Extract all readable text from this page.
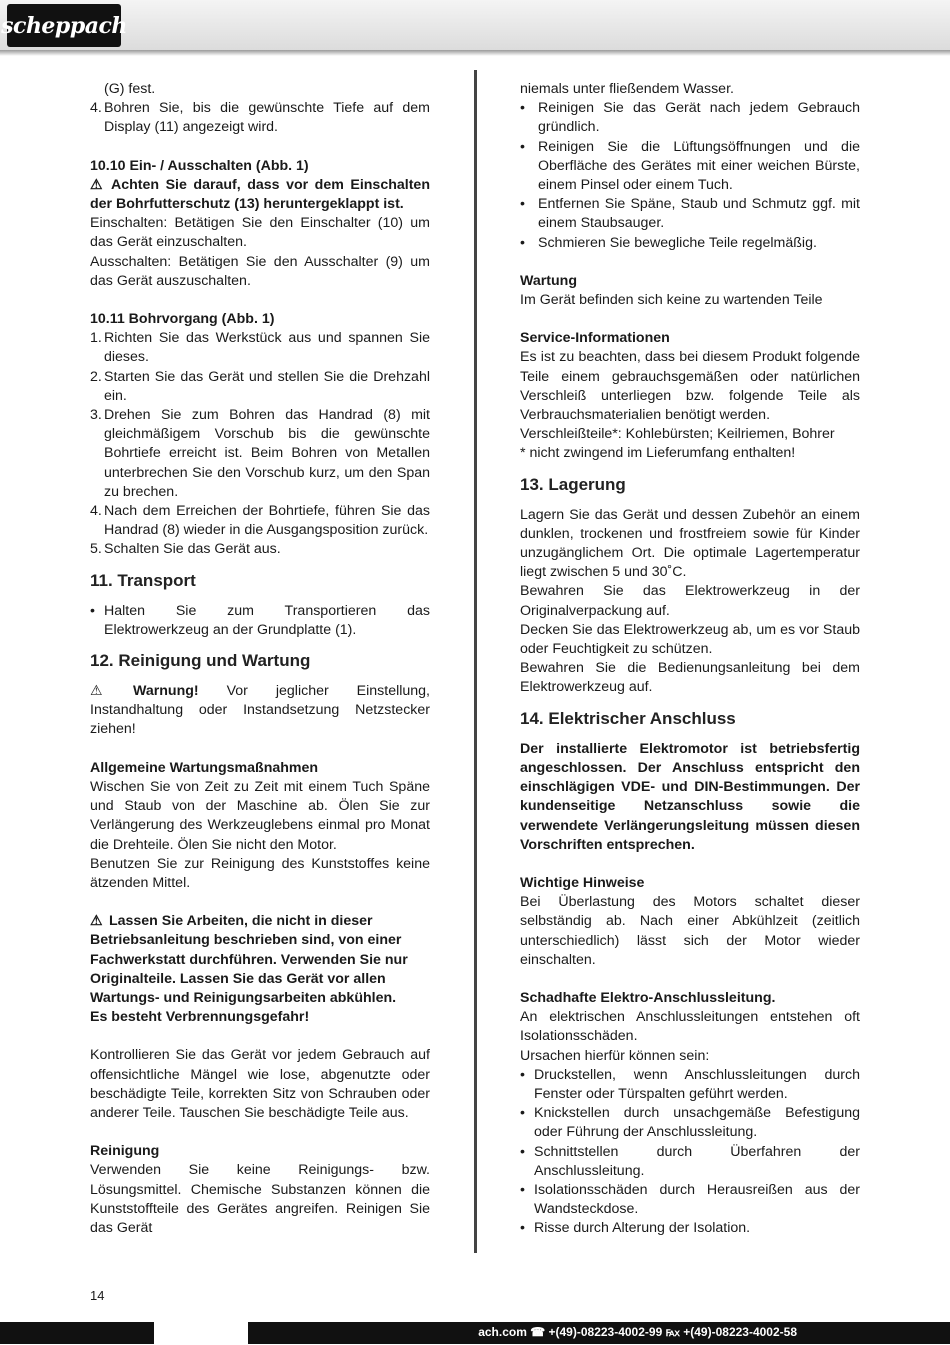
scheppach

(G) fest.

4. Bohren Sie, bis die gewünschte Tiefe auf dem Display (11) angezeigt wird.

10.10 Ein- / Ausschalten (Abb. 1)

⚠ Achten Sie darauf, dass vor dem Einschalten der Bohrfutterschutz (13) heruntergeklappt ist.

Einschalten: Betätigen Sie den Einschalter (10) um das Gerät einzuschalten.

Ausschalten: Betätigen Sie den Ausschalter (9) um das Gerät auszuschalten.

10.11 Bohrvorgang (Abb. 1)

1. Richten Sie das Werkstück aus und spannen Sie dieses.
2. Starten Sie das Gerät und stellen Sie die Drehzahl ein.
3. Drehen Sie zum Bohren das Handrad (8) mit gleichmäßigem Vorschub bis die gewünschte Bohrtiefe erreicht ist. Beim Bohren von Metallen unterbrechen Sie den Vorschub kurz, um den Span zu brechen.
4. Nach dem Erreichen der Bohrtiefe, führen Sie das Handrad (8) wieder in die Ausgangsposition zurück.
5. Schalten Sie das Gerät aus.

11. Transport

• Halten Sie zum Transportieren das Elektrowerkzeug an der Grundplatte (1).

12. Reinigung und Wartung

⚠ Warnung! Vor jeglicher Einstellung, Instandhaltung oder Instandsetzung Netzstecker ziehen!

Allgemeine Wartungsmaßnahmen

Wischen Sie von Zeit zu Zeit mit einem Tuch Späne und Staub von der Maschine ab. Ölen Sie zur Verlängerung des Werkzeuglebens einmal pro Monat die Drehteile. Ölen Sie nicht den Motor.

Benutzen Sie zur Reinigung des Kunststoffes keine ätzenden Mittel.

⚠ Lassen Sie Arbeiten, die nicht in dieser Betriebsanleitung beschrieben sind, von einer Fachwerkstatt durchführen. Verwenden Sie nur Originalteile. Lassen Sie das Gerät vor allen Wartungs- und Reinigungsarbeiten abkühlen.

Es besteht Verbrennungsgefahr!

Kontrollieren Sie das Gerät vor jedem Gebrauch auf offensichtliche Mängel wie lose, abgenutzte oder beschädigte Teile, korrekten Sitz von Schrauben oder anderer Teile. Tauschen Sie beschädigte Teile aus.

Reinigung

Verwenden Sie keine Reinigungs- bzw. Lösungsmittel. Chemische Substanzen können die Kunststoffteile des Gerätes angreifen. Reinigen Sie das Gerät

niemals unter fließendem Wasser.

• Reinigen Sie das Gerät nach jedem Gebrauch gründlich.
• Reinigen Sie die Lüftungsöffnungen und die Oberfläche des Gerätes mit einer weichen Bürste, einem Pinsel oder einem Tuch.
• Entfernen Sie Späne, Staub und Schmutz ggf. mit einem Staubsauger.
• Schmieren Sie bewegliche Teile regelmäßig.

Wartung

Im Gerät befinden sich keine zu wartenden Teile

Service-Informationen

Es ist zu beachten, dass bei diesem Produkt folgende Teile einem gebrauchsgemäßen oder natürlichen Verschleiß unterliegen bzw. folgende Teile als Verbrauchsmaterialien benötigt werden.

Verschleißteile*: Kohlebürsten; Keilriemen, Bohrer

* nicht zwingend im Lieferumfang enthalten!

13. Lagerung

Lagern Sie das Gerät und dessen Zubehör an einem dunklen, trockenen und frostfreiem sowie für Kinder unzugänglichem Ort. Die optimale Lagertemperatur liegt zwischen 5 und 30˚C.

Bewahren Sie das Elektrowerkzeug in der Originalverpackung auf.

Decken Sie das Elektrowerkzeug ab, um es vor Staub oder Feuchtigkeit zu schützen.

Bewahren Sie die Bedienungsanleitung bei dem Elektrowerkzeug auf.

14. Elektrischer Anschluss

Der installierte Elektromotor ist betriebsfertig angeschlossen. Der Anschluss entspricht den einschlägigen VDE- und DIN-Bestimmungen. Der kundenseitige Netzanschluss sowie die verwendete Verlängerungsleitung müssen diesen Vorschriften entsprechen.

Wichtige Hinweise

Bei Überlastung des Motors schaltet dieser selbständig ab. Nach einer Abkühlzeit (zeitlich unterschiedlich) lässt sich der Motor wieder einschalten.

Schadhafte Elektro-Anschlussleitung.

An elektrischen Anschlussleitungen entstehen oft Isolationsschäden.

Ursachen hierfür können sein:

• Druckstellen, wenn Anschlussleitungen durch Fenster oder Türspalten geführt werden.
• Knickstellen durch unsachgemäße Befestigung oder Führung der Anschlussleitung.
• Schnittstellen durch Überfahren der Anschlussleitung.
• Isolationsschäden durch Herausreißen aus der Wandsteckdose.
• Risse durch Alterung der Isolation.
14
ach.com ☎ +(49)-08223-4002-99 ℻ +(49)-08223-4002-58
